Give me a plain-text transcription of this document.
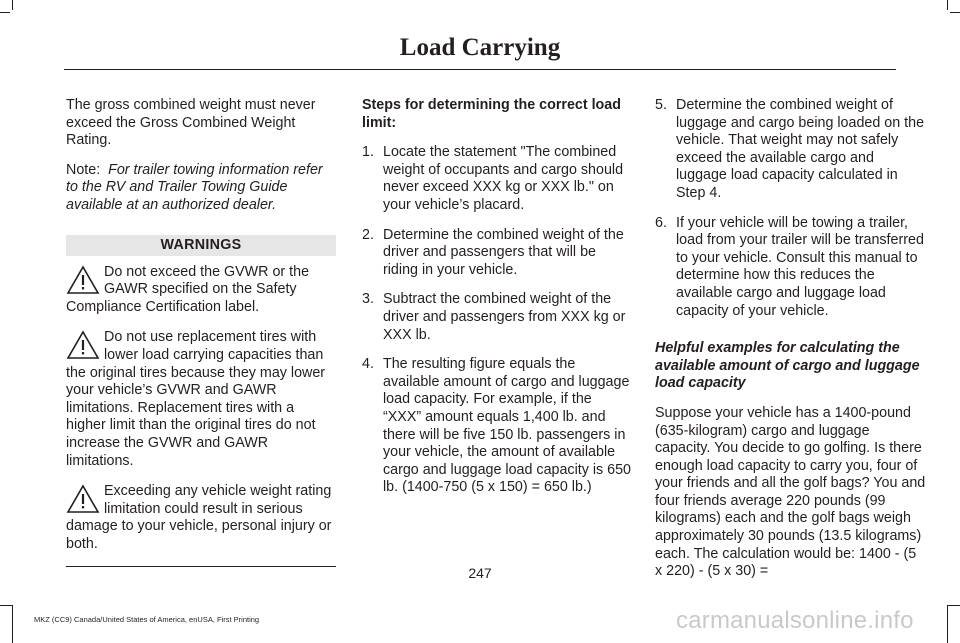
Load Carrying

The gross combined weight must never exceed the Gross Combined Weight Rating.

Note: For trailer towing information refer to the RV and Trailer Towing Guide available at an authorized dealer.

WARNINGS
Do not exceed the GVWR or the GAWR specified on the Safety Compliance Certification label.
Do not use replacement tires with lower load carrying capacities than the original tires because they may lower your vehicle’s GVWR and GAWR limitations. Replacement tires with a higher limit than the original tires do not increase the GVWR and GAWR limitations.
Exceeding any vehicle weight rating limitation could result in serious damage to your vehicle, personal injury or both.

Steps for determining the correct load limit:

1. Locate the statement "The combined weight of occupants and cargo should never exceed XXX kg or XXX lb." on your vehicle’s placard.
2. Determine the combined weight of the driver and passengers that will be riding in your vehicle.
3. Subtract the combined weight of the driver and passengers from XXX kg or XXX lb.
4. The resulting figure equals the available amount of cargo and luggage load capacity. For example, if the “XXX” amount equals 1,400 lb. and there will be five 150 lb. passengers in your vehicle, the amount of available cargo and luggage load capacity is 650 lb. (1400-750 (5 x 150) = 650 lb.)
5. Determine the combined weight of luggage and cargo being loaded on the vehicle. That weight may not safely exceed the available cargo and luggage load capacity calculated in Step 4.
6. If your vehicle will be towing a trailer, load from your trailer will be transferred to your vehicle. Consult this manual to determine how this reduces the available cargo and luggage load capacity of your vehicle.

Helpful examples for calculating the available amount of cargo and luggage load capacity

Suppose your vehicle has a 1400-pound (635-kilogram) cargo and luggage capacity. You decide to go golfing. Is there enough load capacity to carry you, four of your friends and all the golf bags? You and four friends average 220 pounds (99 kilograms) each and the golf bags weigh approximately 30 pounds (13.5 kilograms) each. The calculation would be: 1400 - (5 x 220) - (5 x 30) =

247
MKZ (CC9) Canada/United States of America, enUSA, First Printing	carmanualsonline.info
